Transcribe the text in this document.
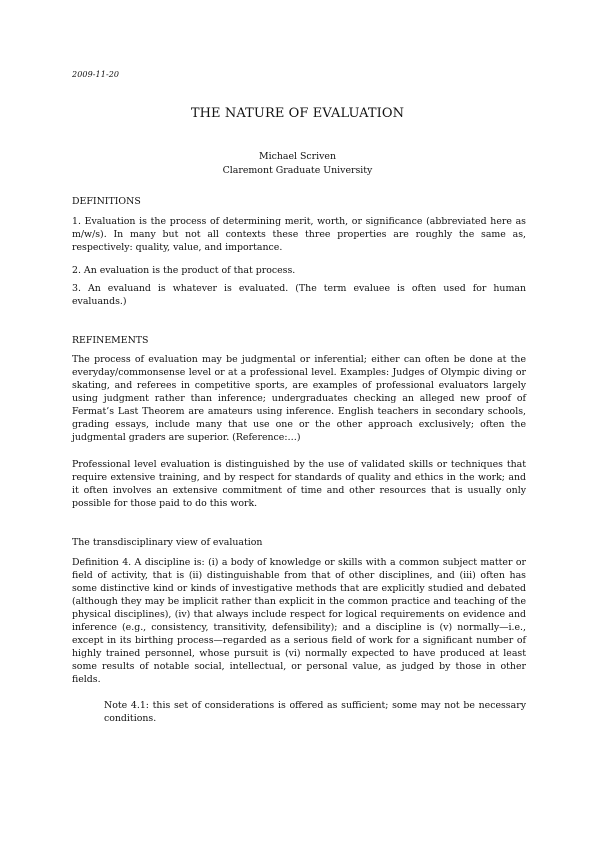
2009-11-20
THE NATURE OF EVALUATION
Michael Scriven
Claremont Graduate University
DEFINITIONS
1. Evaluation is the process of determining merit, worth, or significance (abbreviated here as m/w/s). In many but not all contexts these three properties are roughly the same as, respectively: quality, value, and importance.
2. An evaluation is the product of that process.
3. An evaluand is whatever is evaluated. (The term evaluee is often used for human evaluands.)
REFINEMENTS
The process of evaluation may be judgmental or inferential; either can often be done at the everyday/commonsense level or at a professional level. Examples: Judges of Olympic diving or skating, and referees in competitive sports, are examples of professional evaluators largely using judgment rather than inference; undergraduates checking an alleged new proof of Fermat’s Last Theorem are amateurs using inference. English teachers in secondary schools, grading essays, include many that use one or the other approach exclusively; often the judgmental graders are superior. (Reference:…)
Professional level evaluation is distinguished by the use of validated skills or techniques that require extensive training, and by respect for standards of quality and ethics in the work; and it often involves an extensive commitment of time and other resources that is usually only possible for those paid to do this work.
The transdisciplinary view of evaluation
Definition 4. A discipline is: (i) a body of knowledge or skills with a common subject matter or field of activity, that is (ii) distinguishable from that of other disciplines, and (iii) often has some distinctive kind or kinds of investigative methods that are explicitly studied and debated (although they may be implicit rather than explicit in the common practice and teaching of the physical disciplines), (iv) that always include respect for logical requirements on evidence and inference (e.g., consistency, transitivity, defensibility); and a discipline is (v) normally—i.e., except in its birthing process—regarded as a serious field of work for a significant number of highly trained personnel, whose pursuit is (vi) normally expected to have produced at least some results of notable social, intellectual, or personal value, as judged by those in other fields.
Note 4.1: this set of considerations is offered as sufficient; some may not be necessary conditions.
